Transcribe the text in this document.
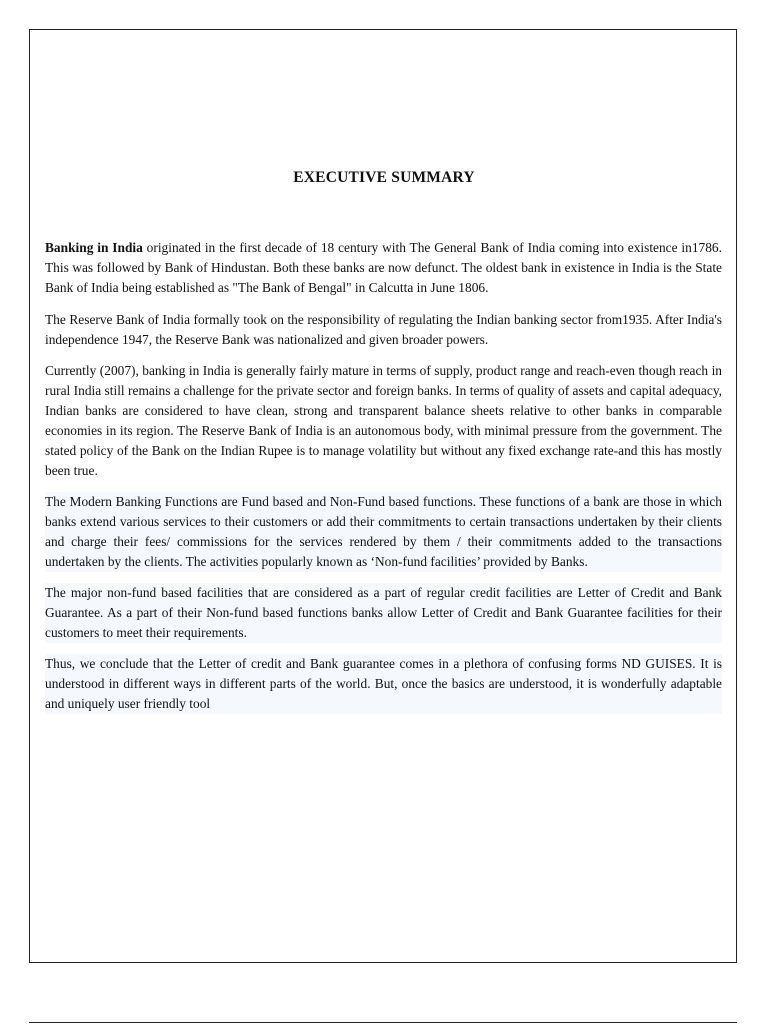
EXECUTIVE SUMMARY

Banking in India originated in the first decade of 18 century with The General Bank of India coming into existence in1786. This was followed by Bank of Hindustan. Both these banks are now defunct. The oldest bank in existence in India is the State Bank of India being established as "The Bank of Bengal" in Calcutta in June 1806.

The Reserve Bank of India formally took on the responsibility of regulating the Indian banking sector from1935. After India's independence 1947, the Reserve Bank was nationalized and given broader powers.

Currently (2007), banking in India is generally fairly mature in terms of supply, product range and reach-even though reach in rural India still remains a challenge for the private sector and foreign banks. In terms of quality of assets and capital adequacy, Indian banks are considered to have clean, strong and transparent balance sheets relative to other banks in comparable economies in its region. The Reserve Bank of India is an autonomous body, with minimal pressure from the government. The stated policy of the Bank on the Indian Rupee is to manage volatility but without any fixed exchange rate-and this has mostly been true.

The Modern Banking Functions are Fund based and Non-Fund based functions. These functions of a bank are those in which banks extend various services to their customers or add their commitments to certain transactions undertaken by their clients and charge their fees/ commissions for the services rendered by them / their commitments added to the transactions undertaken by the clients. The activities popularly known as ‘Non-fund facilities’ provided by Banks.

The major non-fund based facilities that are considered as a part of regular credit facilities are Letter of Credit and Bank Guarantee. As a part of their Non-fund based functions banks allow Letter of Credit and Bank Guarantee facilities for their customers to meet their requirements.

Thus, we conclude that the Letter of credit and Bank guarantee comes in a plethora of confusing forms ND GUISES. It is understood in different ways in different parts of the world. But, once the basics are understood, it is wonderfully adaptable and uniquely user friendly tool
